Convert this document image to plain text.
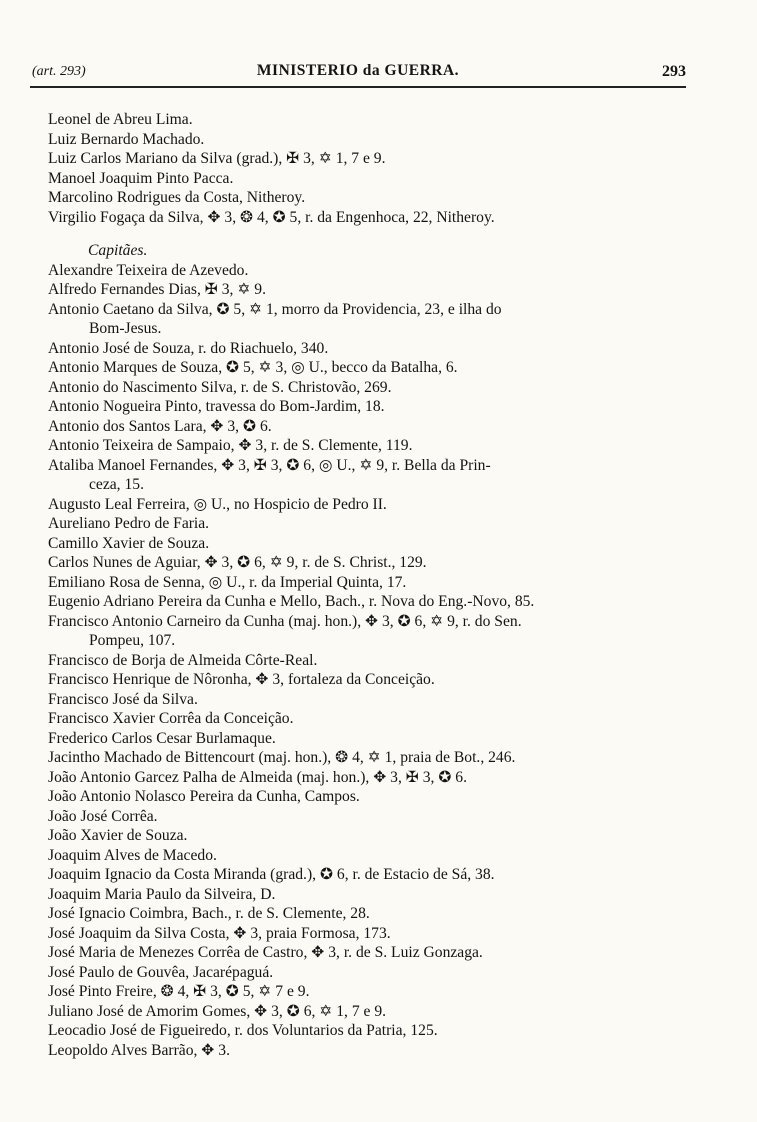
(art. 293)	MINISTERIO da GUERRA.	293
Leonel de Abreu Lima.
Luiz Bernardo Machado.
Luiz Carlos Mariano da Silva (grad.), ✠ 3, ✡ 1, 7 e 9.
Manoel Joaquim Pinto Pacca.
Marcolino Rodrigues da Costa, Nitheroy.
Virgilio Fogaça da Silva, ✥ 3, ❂ 4, ✪ 5, r. da Engenhoca, 22, Nitheroy.
Capitães.
Alexandre Teixeira de Azevedo.
Alfredo Fernandes Dias, ✠ 3, ✡ 9.
Antonio Caetano da Silva, ✪ 5, ✡ 1, morro da Providencia, 23, e ilha do
Bom-Jesus.
Antonio José de Souza, r. do Riachuelo, 340.
Antonio Marques de Souza, ✪ 5, ✡ 3, ◎ U., becco da Batalha, 6.
Antonio do Nascimento Silva, r. de S. Christovão, 269.
Antonio Nogueira Pinto, travessa do Bom-Jardim, 18.
Antonio dos Santos Lara, ✥ 3, ✪ 6.
Antonio Teixeira de Sampaio, ✥ 3, r. de S. Clemente, 119.
Ataliba Manoel Fernandes, ✥ 3, ✠ 3, ✪ 6, ◎ U., ✡ 9, r. Bella da Prin-
ceza, 15.
Augusto Leal Ferreira, ◎ U., no Hospicio de Pedro II.
Aureliano Pedro de Faria.
Camillo Xavier de Souza.
Carlos Nunes de Aguiar, ✥ 3, ✪ 6, ✡ 9, r. de S. Christ., 129.
Emiliano Rosa de Senna, ◎ U., r. da Imperial Quinta, 17.
Eugenio Adriano Pereira da Cunha e Mello, Bach., r. Nova do Eng.-Novo, 85.
Francisco Antonio Carneiro da Cunha (maj. hon.), ✥ 3, ✪ 6, ✡ 9, r. do Sen.
Pompeu, 107.
Francisco de Borja de Almeida Côrte-Real.
Francisco Henrique de Nôronha, ✥ 3, fortaleza da Conceição.
Francisco José da Silva.
Francisco Xavier Corrêa da Conceição.
Frederico Carlos Cesar Burlamaque.
Jacintho Machado de Bittencourt (maj. hon.), ❂ 4, ✡ 1, praia de Bot., 246.
João Antonio Garcez Palha de Almeida (maj. hon.), ✥ 3, ✠ 3, ✪ 6.
João Antonio Nolasco Pereira da Cunha, Campos.
João José Corrêa.
João Xavier de Souza.
Joaquim Alves de Macedo.
Joaquim Ignacio da Costa Miranda (grad.), ✪ 6, r. de Estacio de Sá, 38.
Joaquim Maria Paulo da Silveira, D.
José Ignacio Coimbra, Bach., r. de S. Clemente, 28.
José Joaquim da Silva Costa, ✥ 3, praia Formosa, 173.
José Maria de Menezes Corrêa de Castro, ✥ 3, r. de S. Luiz Gonzaga.
José Paulo de Gouvêa, Jacarépaguá.
José Pinto Freire, ❂ 4, ✠ 3, ✪ 5, ✡ 7 e 9.
Juliano José de Amorim Gomes, ✥ 3, ✪ 6, ✡ 1, 7 e 9.
Leocadio José de Figueiredo, r. dos Voluntarios da Patria, 125.
Leopoldo Alves Barrão, ✥ 3.
